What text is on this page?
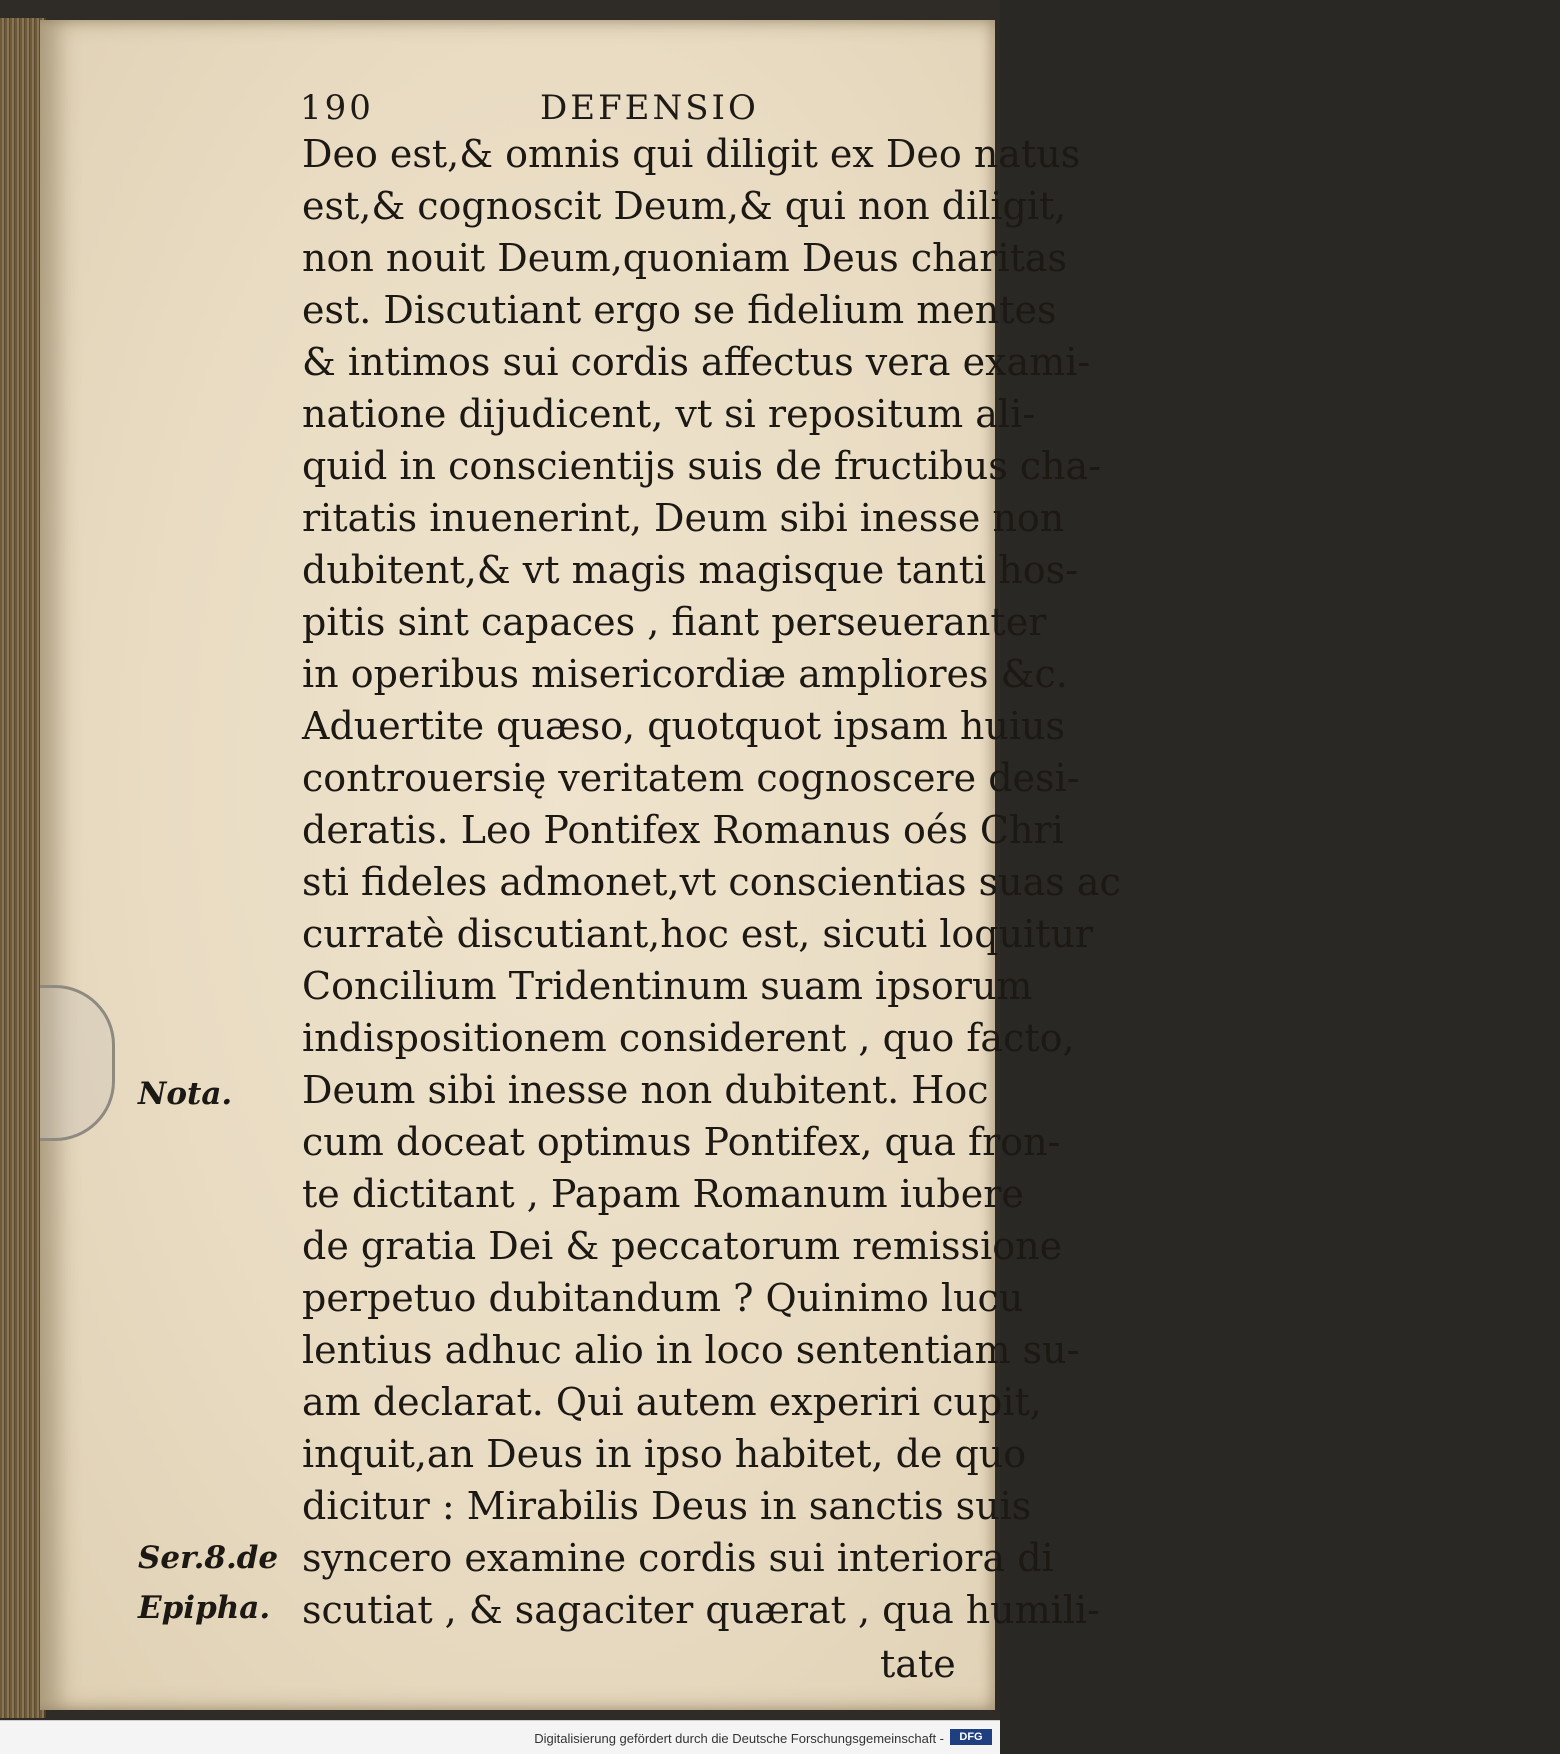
190	DEFENSIO
Deo est,& omnis qui diligit ex Deo natus
est,& cognoscit Deum,& qui non diligit,
non nouit Deum,quoniam Deus charitas
est. Discutiant ergo se fidelium mentes
& intimos sui cordis affectus vera exami-
natione dijudicent, vt si repositum ali-
quid in conscientijs suis de fructibus cha-
ritatis inuenerint, Deum sibi inesse non
dubitent,& vt magis magisque tanti hos-
pitis sint capaces , fiant perseueranter
in operibus misericordiæ ampliores &c.
Aduertite quæso, quotquot ipsam huius
controuersię veritatem cognoscere desi-
deratis. Leo Pontifex Romanus oés Chri
sti fideles admonet,vt conscientias suas ac
curratè discutiant,hoc est, sicuti loquitur
Concilium Tridentinum suam ipsorum
indispositionem considerent , quo facto,
Deum sibi inesse non dubitent. Hoc
cum doceat optimus Pontifex, qua fron-
te dictitant , Papam Romanum iubere
de gratia Dei & peccatorum remissione
perpetuo dubitandum ? Quinimo lucu
lentius adhuc alio in loco sententiam su-
am declarat. Qui autem experiri cupit,
inquit,an Deus in ipso habitet, de quo
dicitur : Mirabilis Deus in sanctis suis
syncero examine cordis sui interiora di
scutiat , & sagaciter quærat , qua humili-
tate
Nota.
Ser.8.de
Epipha.
Digitalisierung gefördert durch die Deutsche Forschungsgemeinschaft -	DFG
